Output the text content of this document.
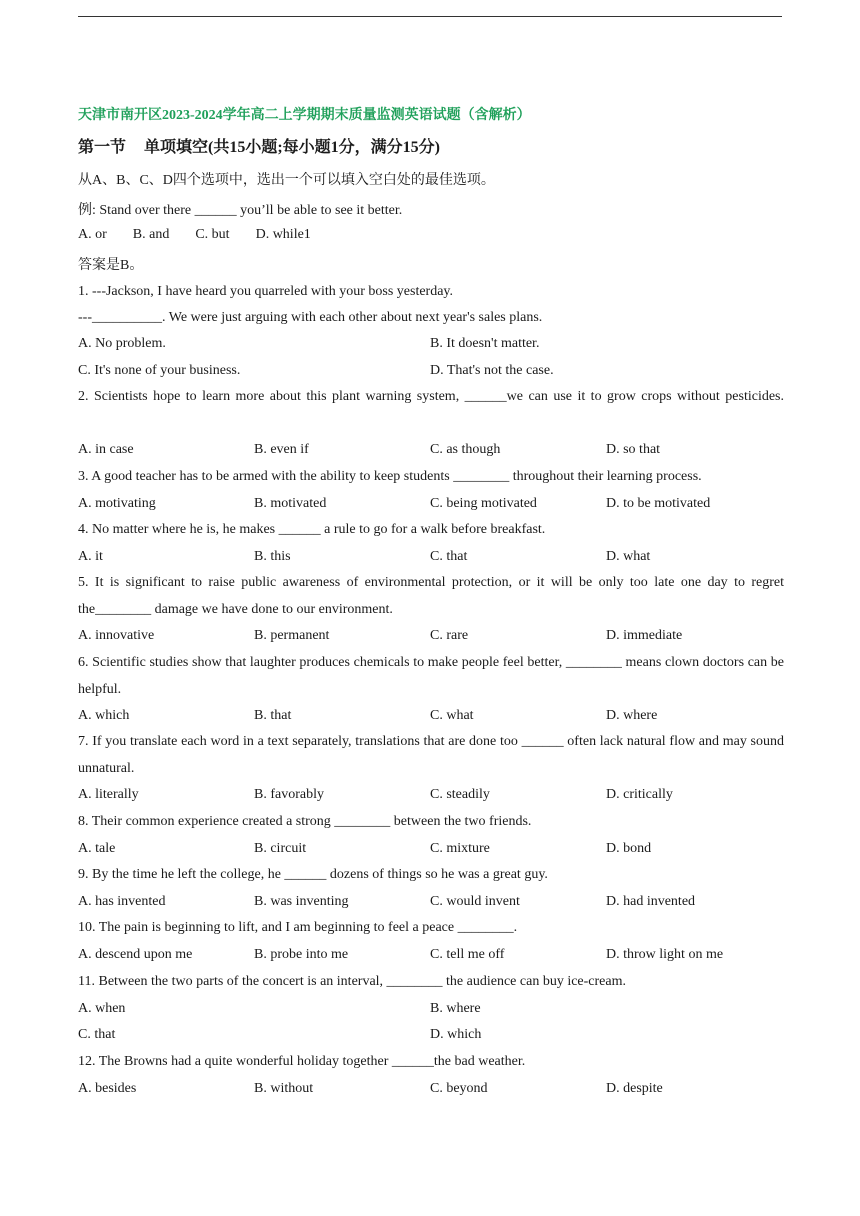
天津市南开区2023-2024学年高二上学期期末质量监测英语试题（含解析）
第一节 单项填空(共15小题;每小题1分，满分15分)
从A、B、C、D四个选项中，选出一个可以填入空白处的最佳选项。
例: Stand over there ______ you’ll be able to see it better.
A. or B. and C. but D. while1
答案是B。
1. ---Jackson, I have heard you quarreled with your boss yesterday.
---__________. We were just arguing with each other about next year's sales plans.
A. No problem.	B. It doesn't matter.
C. It's none of your business.	D. That's not the case.
2. Scientists hope to learn more about this plant warning system, ______we can use it to grow crops without pesticides.
A. in case	B. even if	C. as though	D. so that
3. A good teacher has to be armed with the ability to keep students ________ throughout their learning process.
A. motivating	B. motivated	C. being motivated	D. to be motivated
4. No matter where he is, he makes ______ a rule to go for a walk before breakfast.
A. it	B. this	C. that	D. what
5. It is significant to raise public awareness of environmental protection, or it will be only too late one day to regret the________ damage we have done to our environment.
A. innovative	B. permanent	C. rare	D. immediate
6. Scientific studies show that laughter produces chemicals to make people feel better, ________ means clown doctors can be helpful.
A. which	B. that	C. what	D. where
7. If you translate each word in a text separately, translations that are done too ______ often lack natural flow and may sound unnatural.
A. literally	B. favorably	C. steadily	D. critically
8. Their common experience created a strong ________ between the two friends.
A. tale	B. circuit	C. mixture	D. bond
9. By the time he left the college, he ______ dozens of things so he was a great guy.
A. has invented	B. was inventing	C. would invent	D. had invented
10. The pain is beginning to lift, and I am beginning to feel a peace ________.
A. descend upon me	B. probe into me	C. tell me off	D. throw light on me
11. Between the two parts of the concert is an interval, ________ the audience can buy ice-cream.
A. when	B. where
C. that	D. which
12. The Browns had a quite wonderful holiday together ______the bad weather.
A. besides	B. without	C. beyond	D. despite
